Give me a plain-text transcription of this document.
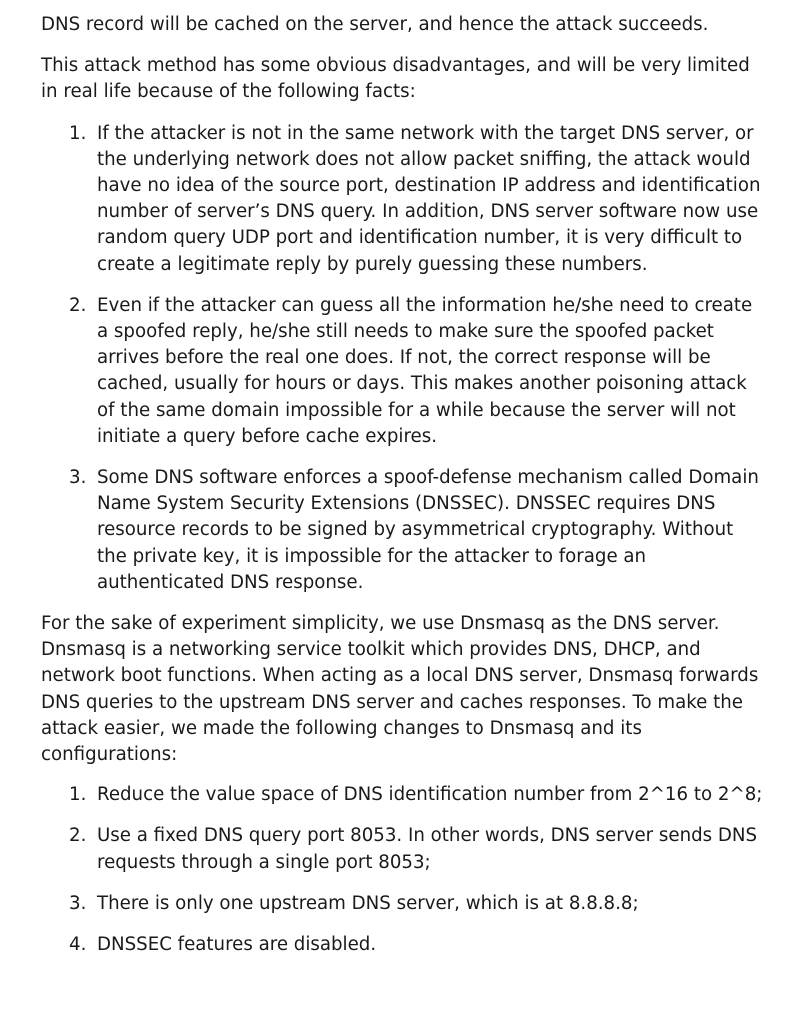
DNS record will be cached on the server, and hence the attack succeeds.

This attack method has some obvious disadvantages, and will be very limited in real life because of the following facts:

1. If the attacker is not in the same network with the target DNS server, or the underlying network does not allow packet sniffing, the attack would have no idea of the source port, destination IP address and identification number of server’s DNS query. In addition, DNS server software now use random query UDP port and identification number, it is very difficult to create a legitimate reply by purely guessing these numbers.
2. Even if the attacker can guess all the information he/she need to create a spoofed reply, he/she still needs to make sure the spoofed packet arrives before the real one does. If not, the correct response will be cached, usually for hours or days. This makes another poisoning attack of the same domain impossible for a while because the server will not initiate a query before cache expires.
3. Some DNS software enforces a spoof-defense mechanism called Domain Name System Security Extensions (DNSSEC). DNSSEC requires DNS resource records to be signed by asymmetrical cryptography. Without the private key, it is impossible for the attacker to forage an authenticated DNS response.

For the sake of experiment simplicity, we use Dnsmasq as the DNS server. Dnsmasq is a networking service toolkit which provides DNS, DHCP, and network boot functions. When acting as a local DNS server, Dnsmasq forwards DNS queries to the upstream DNS server and caches responses. To make the attack easier, we made the following changes to Dnsmasq and its configurations:

1. Reduce the value space of DNS identification number from 2^16 to 2^8;
2. Use a fixed DNS query port 8053. In other words, DNS server sends DNS requests through a single port 8053;
3. There is only one upstream DNS server, which is at 8.8.8.8;
4. DNSSEC features are disabled.
